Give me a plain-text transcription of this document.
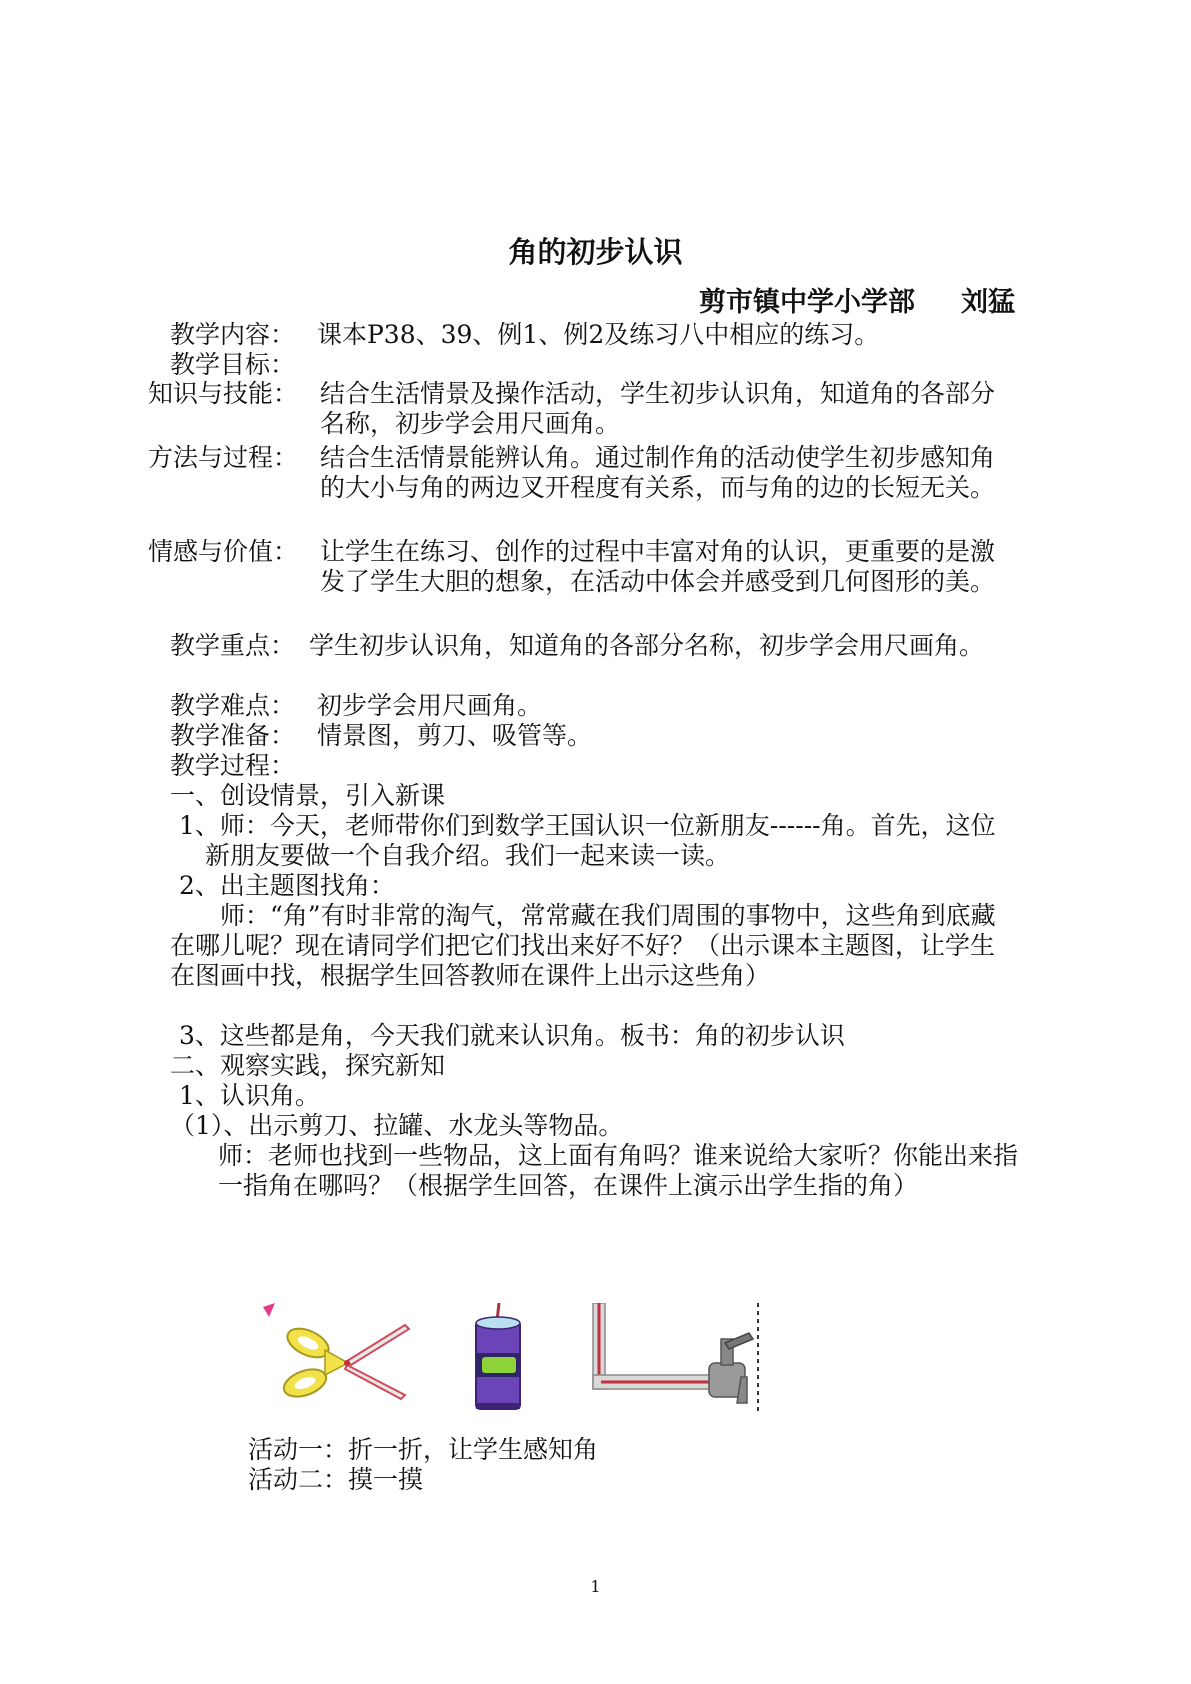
角的初步认识
剪市镇中学小学部 刘猛
教学内容： 课本P38、39、例1、例2及练习八中相应的练习。
教学目标：
知识与技能： 结合生活情景及操作活动，学生初步认识角，知道角的各部分名称，初步学会用尺画角。
方法与过程： 结合生活情景能辨认角。通过制作角的活动使学生初步感知角的大小与角的两边叉开程度有关系，而与角的边的长短无关。
情感与价值： 让学生在练习、创作的过程中丰富对角的认识，更重要的是激发了学生大胆的想象，在活动中体会并感受到几何图形的美。
教学重点： 学生初步认识角，知道角的各部分名称，初步学会用尺画角。
教学难点： 初步学会用尺画角。
教学准备： 情景图，剪刀、吸管等。
教学过程：
一、创设情景，引入新课
1、师：今天，老师带你们到数学王国认识一位新朋友------角。首先，这位新朋友要做一个自我介绍。我们一起来读一读。
2、出主题图找角：
师：“角”有时非常的淘气，常常藏在我们周围的事物中，这些角到底藏在哪儿呢？现在请同学们把它们找出来好不好？（出示课本主题图，让学生在图画中找，根据学生回答教师在课件上出示这些角）
3、这些都是角，今天我们就来认识角。板书：角的初步认识
二、观察实践，探究新知
1、认识角。
（1）、出示剪刀、拉罐、水龙头等物品。
师：老师也找到一些物品，这上面有角吗？谁来说给大家听？你能出来指一指角在哪吗？（根据学生回答，在课件上演示出学生指的角）
活动一：折一折，让学生感知角
活动二：摸一摸
1
